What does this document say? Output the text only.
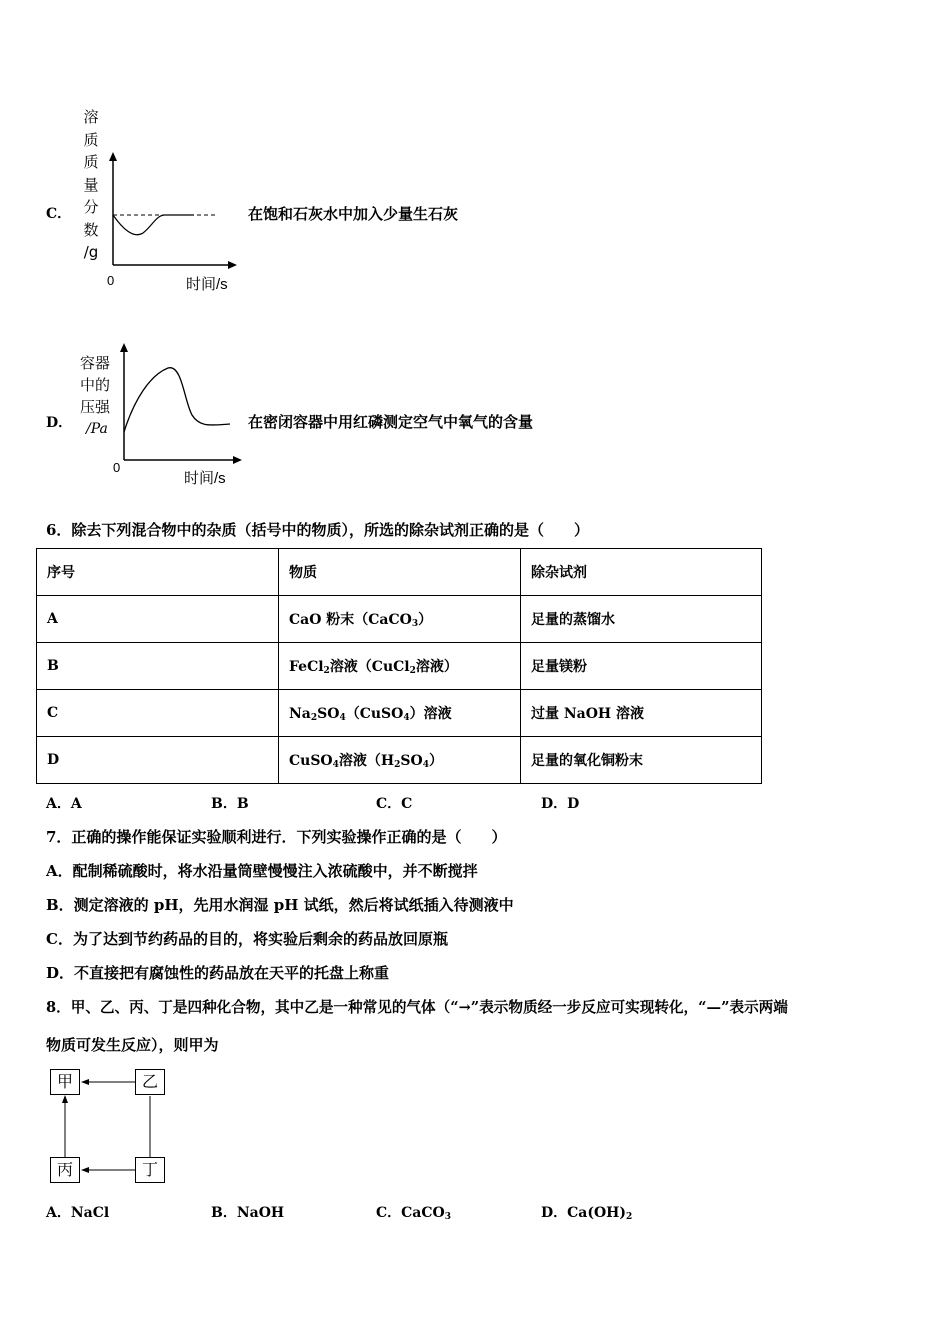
C．
溶
质
质
量
分
数
/g
0	时间/s
在饱和石灰水中加入少量生石灰
D．
容器
中的
压强
/Pa
0
时间/s
在密闭容器中用红磷测定空气中氧气的含量
6．除去下列混合物中的杂质（括号中的物质），所选的除杂试剂正确的是（　　）
序号	物质	除杂试剂
A	CaO 粉末（CaCO$_3$）	足量的蒸馏水
B	FeCl$_2$溶液（CuCl$_2$溶液）	足量镁粉
C	$Na_2SO_4(CuSO_4)$溶液	过量 NaOH 溶液
D	CuSO$_4$溶液$(H_2SO_4)$	足量的氧化铜粉末
A．A	B．B	C．C	D．D
7．正确的操作能保证实验顺利进行．下列实验操作正确的是（　　）
A．配制稀硫酸时，将水沿量筒壁慢慢注入浓硫酸中，并不断搅拌
B．测定溶液的 pH，先用水润湿 pH 试纸，然后将试纸插入待测液中
C．为了达到节约药品的目的，将实验后剩余的药品放回原瓶
D．不直接把有腐蚀性的药品放在天平的托盘上称重
8．甲、乙、丙、丁是四种化合物，其中乙是一种常见的气体（“→”表示物质经一步反应可实现转化，“—”表示两端
物质可发生反应），则甲为
甲	乙
丙	丁
A．NaCl	B．NaOH	C．CaCO$_3$	D．$Ca(OH)_2$
